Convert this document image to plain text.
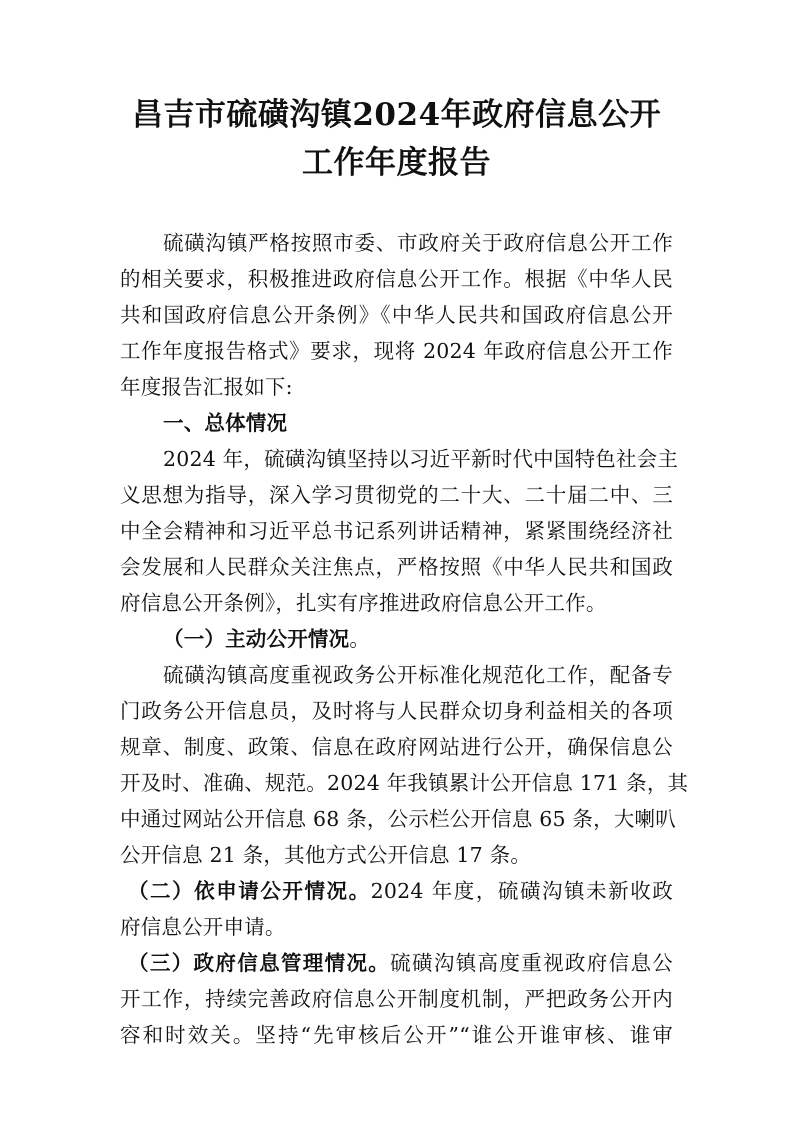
昌吉市硫磺沟镇2024年政府信息公开
工作年度报告
硫磺沟镇严格按照市委、市政府关于政府信息公开工作
的相关要求，积极推进政府信息公开工作。根据《中华人民
共和国政府信息公开条例》《中华人民共和国政府信息公开
工作年度报告格式》要求，现将 2024 年政府信息公开工作
年度报告汇报如下:
一、总体情况
2024 年，硫磺沟镇坚持以习近平新时代中国特色社会主
义思想为指导，深入学习贯彻党的二十大、二十届二中、三
中全会精神和习近平总书记系列讲话精神，紧紧围绕经济社
会发展和人民群众关注焦点，严格按照《中华人民共和国政
府信息公开条例》，扎实有序推进政府信息公开工作。
（一）主动公开情况。
硫磺沟镇高度重视政务公开标准化规范化工作，配备专
门政务公开信息员，及时将与人民群众切身利益相关的各项
规章、制度、政策、信息在政府网站进行公开，确保信息公
开及时、准确、规范。2024 年我镇累计公开信息 171 条，其
中通过网站公开信息 68 条，公示栏公开信息 65 条，大喇叭
公开信息 21 条，其他方式公开信息 17 条。
（二）依申请公开情况。2024 年度，硫磺沟镇未新收政
府信息公开申请。
（三）政府信息管理情况。硫磺沟镇高度重视政府信息公
开工作，持续完善政府信息公开制度机制，严把政务公开内
容和时效关。坚持“先审核后公开”“谁公开谁审核、谁审
